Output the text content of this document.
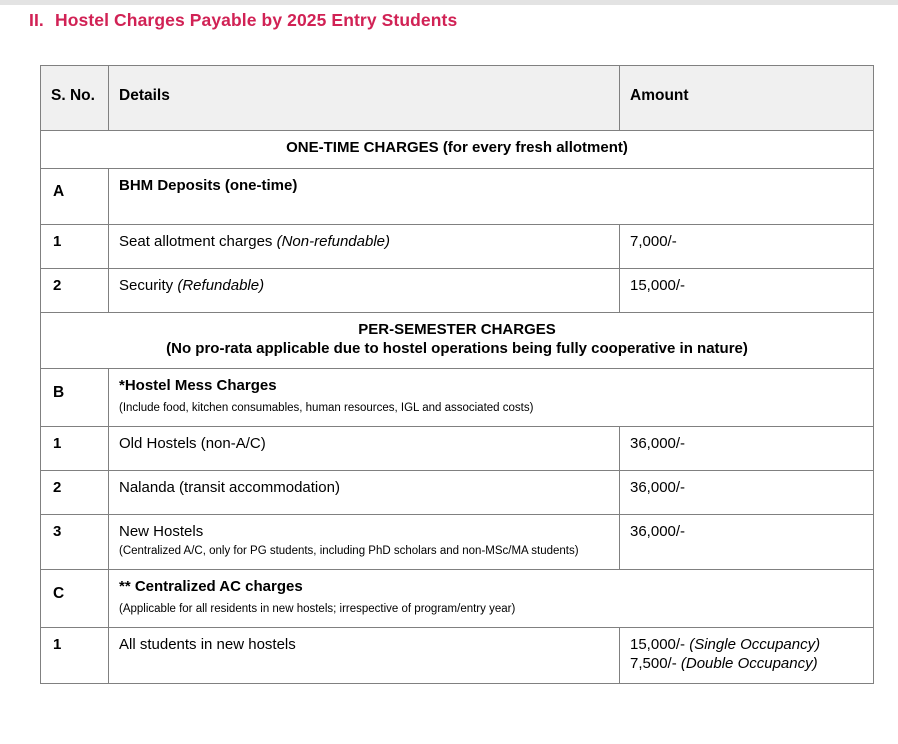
II. Hostel Charges Payable by 2025 Entry Students
S. No.	Details	Amount
ONE-TIME CHARGES (for every fresh allotment)		
A	BHM Deposits (one-time)	
1	Seat allotment charges (Non-refundable)	7,000/-
2	Security (Refundable)	15,000/-

PER-SEMESTER CHARGES
(No pro-rata applicable due to hostel operations being fully cooperative in nature)		

B	*Hostel Mess Charges
(Include food, kitchen consumables, human resources, IGL and associated costs)	

1	Old Hostels (non-A/C)	36,000/-
2	Nalanda (transit accommodation)	36,000/-
3	New Hostels
(Centralized A/C, only for PG students, including PhD scholars and non-MSc/MA students)	36,000/-
C	** Centralized AC charges
(Applicable for all residents in new hostels; irrespective of program/entry year)	

1	All students in new hostels	15,000/- (Single Occupancy)
7,500/- (Double Occupancy)
